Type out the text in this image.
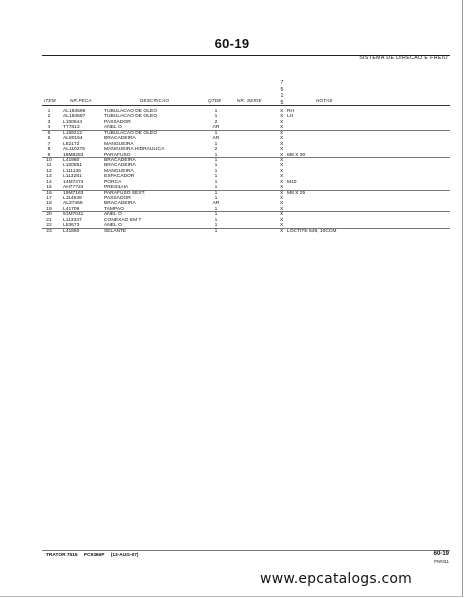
60-19
SISTEMA DE DIRECAO E FREIO
7
5
1
5
ITEM	NR.PECA	DESCRICAO	QTDE	NR. SERIE	NOTAS
1	AL184598	TUBULACAO DE OLEO	1	X RH
2	AL184597	TUBULACAO DE OLEO	1	X LH
3	L100644	PASSADOR	2	X
4	T77813	ANEL O	AR	X
5	L159212	TUBULACAO DE OLEO	1	X
6	AL80154	BRACADEIRA	AR	X
7	L82172	MANGUEIRA	1	X
8	AL110276	MANGUEIRA HIDRAULICA	2	X
9	19M8263	PARAFUSO	1	X M8 X 30
10	L41980	BRACADEIRA	1	X
11	L100851	BRACADEIRA	1	X
12	L111136	MANGUEIRA	1	X
13	L113281	ESPACADOR	1	X
14	14M7274	PORCA	1	X M10
15	AH77724	PRESILHA	1	X
16	19M7163	PARAFUSO SEXT.	1	X M8 X 25
17	L114539	PASSADOR	1	X
18	AL37469	BRACADEIRA	AR	X
19	L41709	TAMPAO	1	X
20	51M7041	ANEL O	1	X
21	L113347	CONEXAO EM T	1	X
22	L53673	ANEL O	1	X
23	L41860	SELANTE	1	X LOCTITE 648, 10CCM
TRATOR 7515 PC9366P (13-AUG-07)	60-19
PN#311
www.epcatalogs.com
